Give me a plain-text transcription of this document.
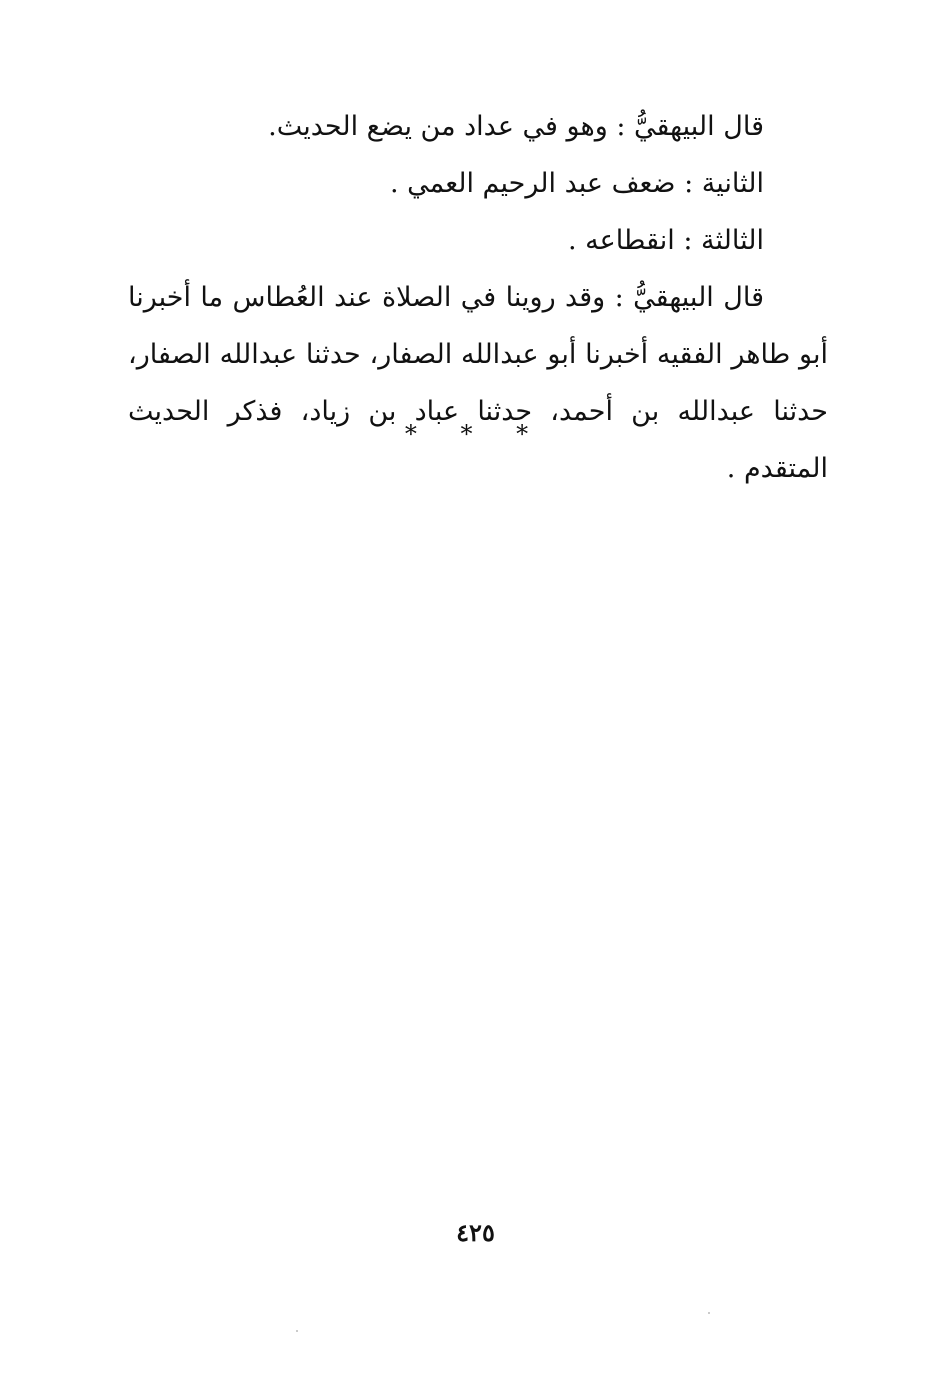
قال البيهقيُّ : وهو في عداد من يضع الحديث.

الثانية : ضعف عبد الرحيم العمي .

الثالثة : انقطاعه .

قال البيهقيُّ : وقد روينا في الصلاة عند العُطاس ما أخبرنا أبو طاهر الفقيه أخبرنا أبو عبدالله الصفار، حدثنا عبدالله الصفار، حدثنا عبدالله بن أحمد، حدثنا عباد بن زياد، فذكر الحديث المتقدم .

* * *
٤٢٥
